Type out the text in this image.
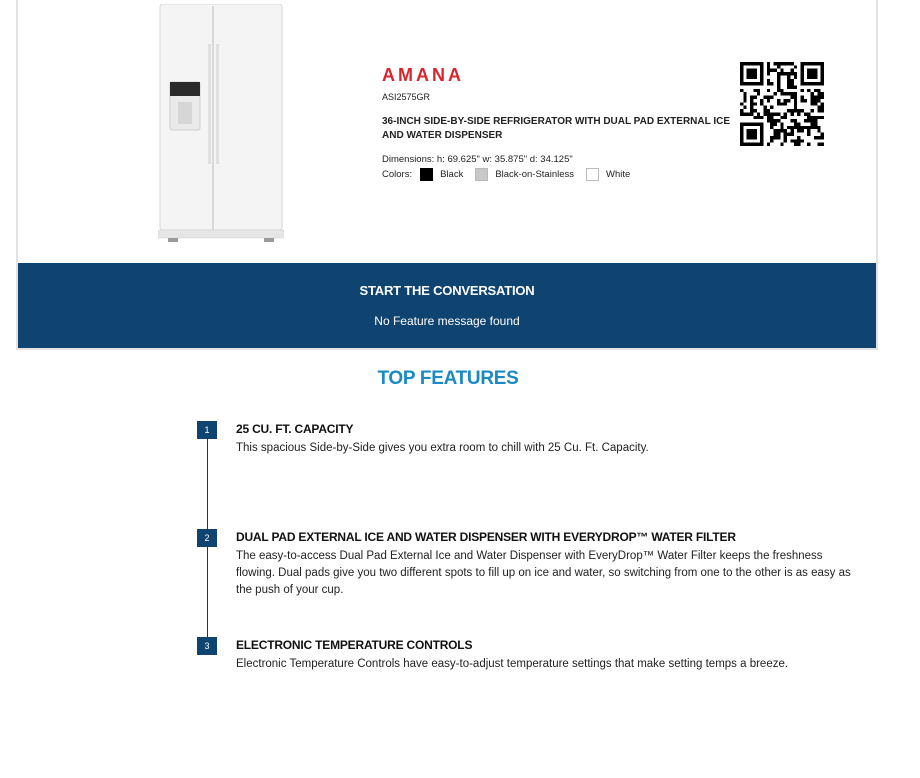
AMANA
ASI2575GR
36-INCH SIDE-BY-SIDE REFRIGERATOR WITH DUAL PAD EXTERNAL ICE AND WATER DISPENSER
Dimensions: h: 69.625" w: 35.875" d: 34.125"
Colors:	Black	Black-on-Stainless	White
START THE CONVERSATION
No Feature message found
TOP FEATURES
1	25 CU. FT. CAPACITY
This spacious Side-by-Side gives you extra room to chill with 25 Cu. Ft. Capacity.
2	DUAL PAD EXTERNAL ICE AND WATER DISPENSER WITH EVERYDROP™ WATER FILTER
The easy-to-access Dual Pad External Ice and Water Dispenser with EveryDrop™ Water Filter keeps the freshness flowing. Dual pads give you two different spots to fill up on ice and water, so switching from one to the other is as easy as the push of your cup.
3	ELECTRONIC TEMPERATURE CONTROLS
Electronic Temperature Controls have easy-to-adjust temperature settings that make setting temps a breeze.
